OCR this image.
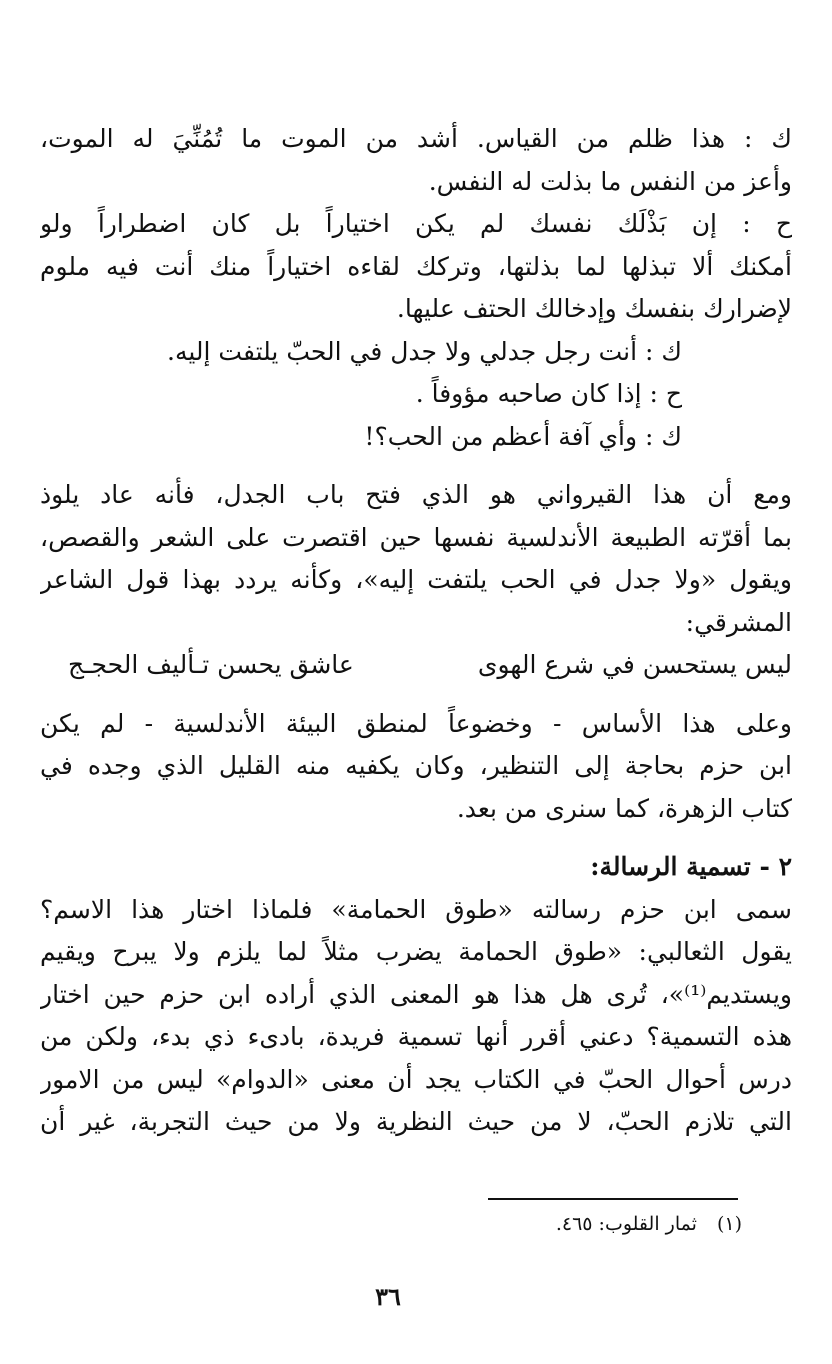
ك : هذا ظلم من القياس. أشد من الموت ما تُمُنِّيَ له الموت،
وأعز من النفس ما بذلت له النفس.
ح : إن بَذْلَك نفسك لم يكن اختياراً بل كان اضطراراً ولو
أمكنك ألا تبذلها لما بذلتها، وتركك لقاءه اختياراً منك أنت فيه ملوم
لإضرارك بنفسك وإدخالك الحتف عليها.
ك : أنت رجل جدلي ولا جدل في الحبّ يلتفت إليه.
ح : إذا كان صاحبه مؤوفاً .
ك : وأي آفة أعظم من الحب؟!
ومع أن هذا القيرواني هو الذي فتح باب الجدل، فأنه عاد يلوذ
بما أقرّته الطبيعة الأندلسية نفسها حين اقتصرت على الشعر والقصص،
ويقول «ولا جدل في الحب يلتفت إليه»، وكأنه يردد بهذا قول الشاعر
المشرقي:
ليس يستحسن في شرع الهوى
عاشق يحسن تـأليف الحجـج
وعلى هذا الأساس - وخضوعاً لمنطق البيئة الأندلسية - لم يكن
ابن حزم بحاجة إلى التنظير، وكان يكفيه منه القليل الذي وجده في
كتاب الزهرة، كما سنرى من بعد.
٢ - تسمية الرسالة:
سمى ابن حزم رسالته «طوق الحمامة» فلماذا اختار هذا الاسم؟
يقول الثعالبي: «طوق الحمامة يضرب مثلاً لما يلزم ولا يبرح ويقيم
ويستديم⁽¹⁾»، تُرى هل هذا هو المعنى الذي أراده ابن حزم حين اختار
هذه التسمية؟ دعني أقرر أنها تسمية فريدة، بادىء ذي بدء، ولكن من
درس أحوال الحبّ في الكتاب يجد أن معنى «الدوام» ليس من الامور
التي تلازم الحبّ، لا من حيث النظرية ولا من حيث التجربة، غير أن
(١) ثمار القلوب: ٤٦٥.
٣٦
